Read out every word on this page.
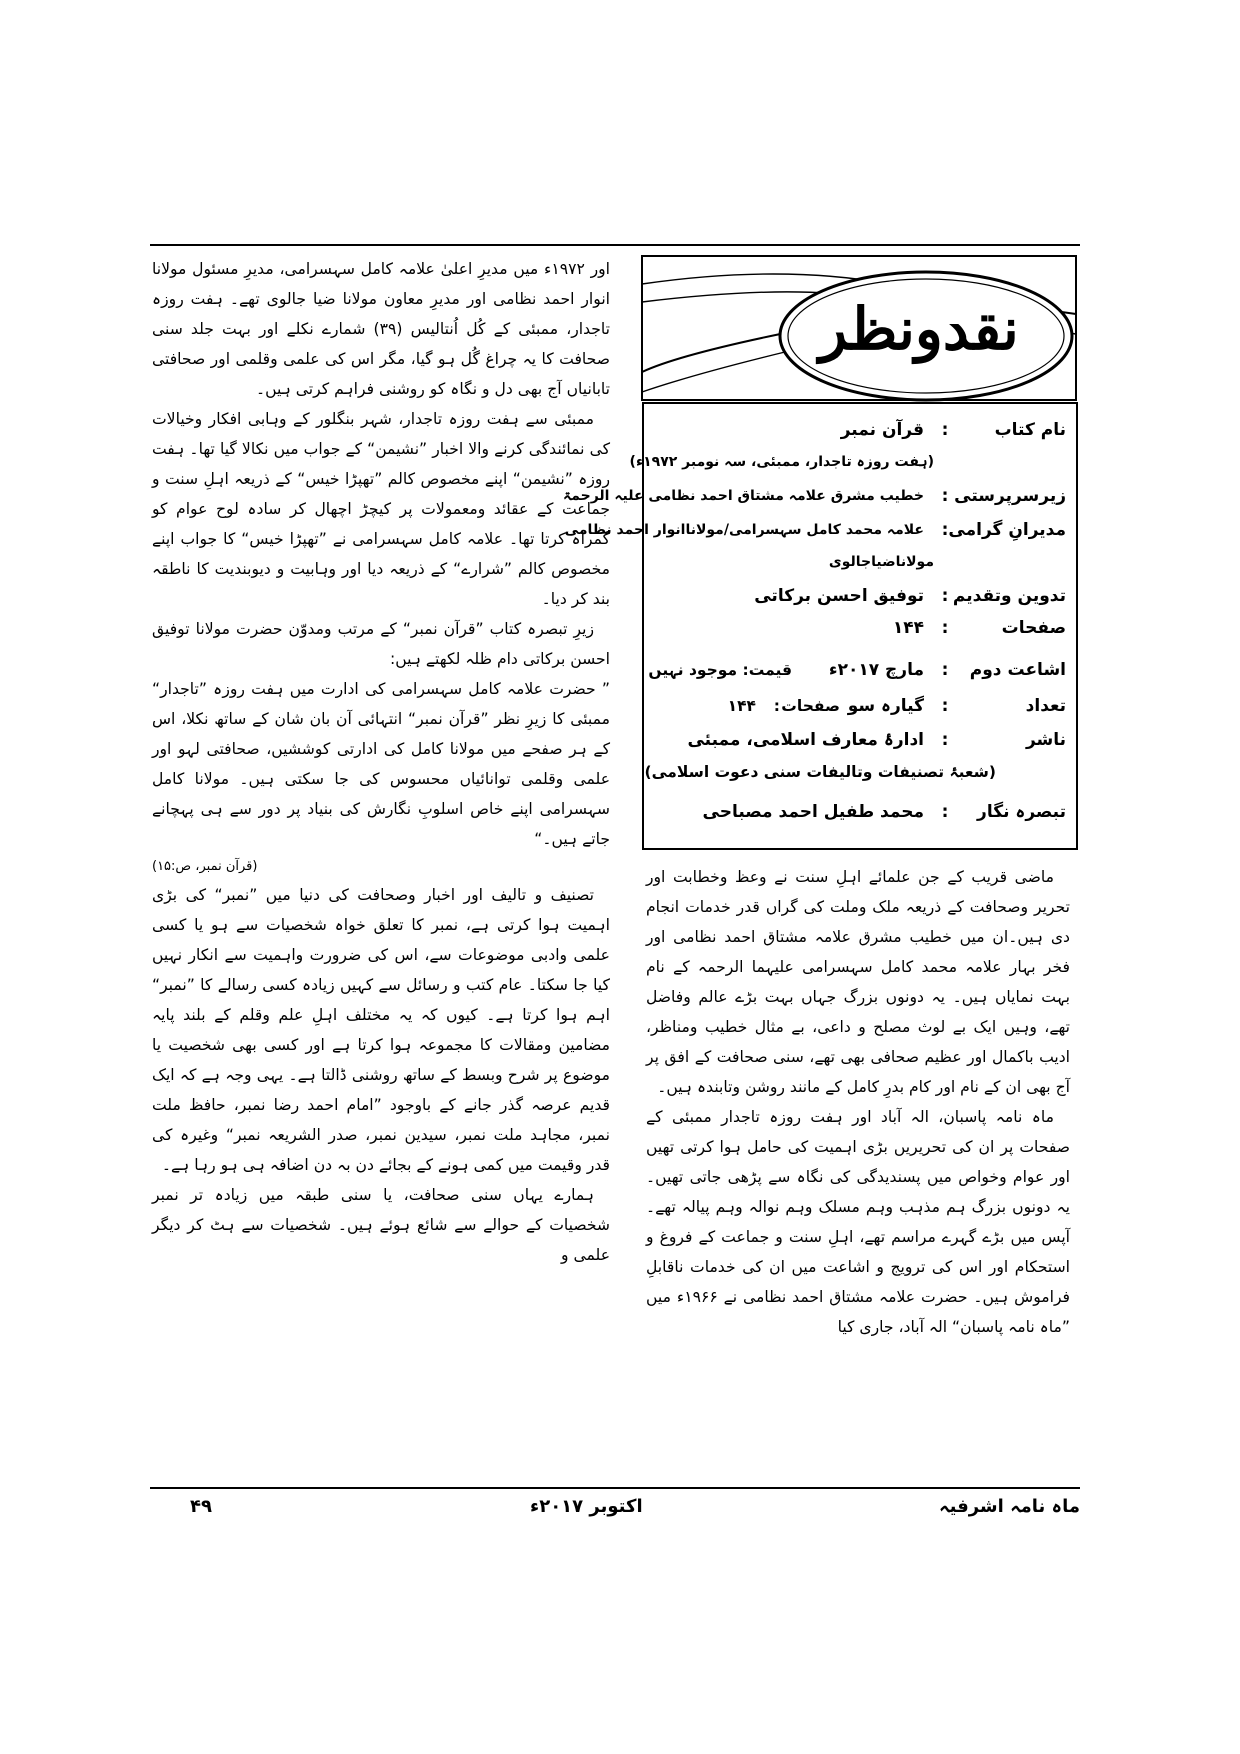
نقدونظر
نام کتاب
:
قرآن نمبر
(ہفت روزہ تاجدار، ممبئی، سہ نومبر ۱۹۷۲ء)
زیرسرپرستی
:
خطیب مشرق علامہ مشتاق احمد نظامی علیہ الرحمۃ
مدیرانِ گرامی
:
علامہ محمد کامل سہسرامی/مولاناانوار احمد نظامی
مولاناضیاجالوی
تدوین وتقدیم
:
توفیق احسن برکاتی
صفحات
:
۱۴۴
اشاعت دوم
:
مارچ ۲۰۱۷ء
قیمت: موجود نہیں
تعداد
:
گیارہ سو
صفحات
:
۱۴۴
ناشر
:
ادارۂ معارف اسلامی، ممبئی
(شعبۂ تصنیفات وتالیفات سنی دعوت اسلامی)
تبصرہ نگار
:
محمد طفیل احمد مصباحی

ماضی قریب کے جن علمائے اہلِ سنت نے وعظ وخطابت اور تحریر وصحافت کے ذریعہ ملک وملت کی گراں قدر خدمات انجام دی ہیں۔ان میں خطیب مشرق علامہ مشتاق احمد نظامی اور فخر بہار علامہ محمد کامل سہسرامی علیہما الرحمہ کے نام بہت نمایاں ہیں۔ یہ دونوں بزرگ جہاں بہت بڑے عالم وفاضل تھے، وہیں ایک بے لوث مصلح و داعی، بے مثال خطیب ومناظر، ادیب باکمال اور عظیم صحافی بھی تھے، سنی صحافت کے افق پر آج بھی ان کے نام اور کام بدرِ کامل کے مانند روشن وتابندہ ہیں۔

ماہ نامہ پاسبان، الہ آباد اور ہفت روزہ تاجدار ممبئی کے صفحات پر ان کی تحریریں بڑی اہمیت کی حامل ہوا کرتی تھیں اور عوام وخواص میں پسندیدگی کی نگاہ سے پڑھی جاتی تھیں۔ یہ دونوں بزرگ ہم مذہب وہم مسلک وہم نوالہ وہم پیالہ تھے۔ آپس میں بڑے گہرے مراسم تھے، اہلِ سنت و جماعت کے فروغ و استحکام اور اس کی ترویج و اشاعت میں ان کی خدمات ناقابلِ فراموش ہیں۔ حضرت علامہ مشتاق احمد نظامی نے ۱۹۶۶ء میں ”ماہ نامہ پاسبان“ الہ آباد، جاری کیا

اور ۱۹۷۲ء میں مدیرِ اعلیٰ علامہ کامل سہسرامی، مدیرِ مسئول مولانا انوار احمد نظامی اور مدیرِ معاون مولانا ضیا جالوی تھے۔ ہفت روزہ تاجدار، ممبئی کے کُل اُنتالیس (۳۹) شمارے نکلے اور بہت جلد سنی صحافت کا یہ چراغ گُل ہو گیا، مگر اس کی علمی وقلمی اور صحافتی تابانیاں آج بھی دل و نگاہ کو روشنی فراہم کرتی ہیں۔

ممبئی سے ہفت روزہ تاجدار، شہر بنگلور کے وہابی افکار وخیالات کی نمائندگی کرنے والا اخبار ”نشیمن“ کے جواب میں نکالا گیا تھا۔ ہفت روزہ ”نشیمن“ اپنے مخصوص کالم ”تھپڑا خیس“ کے ذریعہ اہلِ سنت و جماعت کے عقائد ومعمولات پر کیچڑ اچھال کر سادہ لوح عوام کو گمراہ کرتا تھا۔ علامہ کامل سہسرامی نے ”تھپڑا خیس“ کا جواب اپنے مخصوص کالم ”شرارے“ کے ذریعہ دیا اور وہابیت و دیوبندیت کا ناطقہ بند کر دیا۔

زیرِ تبصرہ کتاب ”قرآن نمبر“ کے مرتب ومدوّن حضرت مولانا توفیق احسن برکاتی دام ظلہ لکھتے ہیں:

” حضرت علامہ کامل سہسرامی کی ادارت میں ہفت روزہ ”تاجدار“ ممبئی کا زیرِ نظر ”قرآن نمبر“ انتہائی آن بان شان کے ساتھ نکلا، اس کے ہر صفحے میں مولانا کامل کی ادارتی کوششیں، صحافتی لہو اور علمی وقلمی توانائیاں محسوس کی جا سکتی ہیں۔ مولانا کامل سہسرامی اپنے خاص اسلوبِ نگارش کی بنیاد پر دور سے ہی پہچانے جاتے ہیں۔“

(قرآن نمبر، ص:۱۵)

تصنیف و تالیف اور اخبار وصحافت کی دنیا میں ”نمبر“ کی بڑی اہمیت ہوا کرتی ہے، نمبر کا تعلق خواہ شخصیات سے ہو یا کسی علمی وادبی موضوعات سے، اس کی ضرورت واہمیت سے انکار نہیں کیا جا سکتا۔ عام کتب و رسائل سے کہیں زیادہ کسی رسالے کا ”نمبر“ اہم ہوا کرتا ہے۔ کیوں کہ یہ مختلف اہلِ علم وقلم کے بلند پایہ مضامین ومقالات کا مجموعہ ہوا کرتا ہے اور کسی بھی شخصیت یا موضوع پر شرح وبسط کے ساتھ روشنی ڈالتا ہے۔ یہی وجہ ہے کہ ایک قدیم عرصہ گذر جانے کے باوجود ”امام احمد رضا نمبر، حافظ ملت نمبر، مجاہد ملت نمبر، سیدین نمبر، صدر الشریعہ نمبر“ وغیرہ کی قدر وقیمت میں کمی ہونے کے بجائے دن بہ دن اضافہ ہی ہو رہا ہے۔

ہمارے یہاں سنی صحافت، یا سنی طبقہ میں زیادہ تر نمبر شخصیات کے حوالے سے شائع ہوئے ہیں۔ شخصیات سے ہٹ کر دیگر علمی و

ماہ نامہ اشرفیہ
اکتوبر ۲۰۱۷ء
۴۹
